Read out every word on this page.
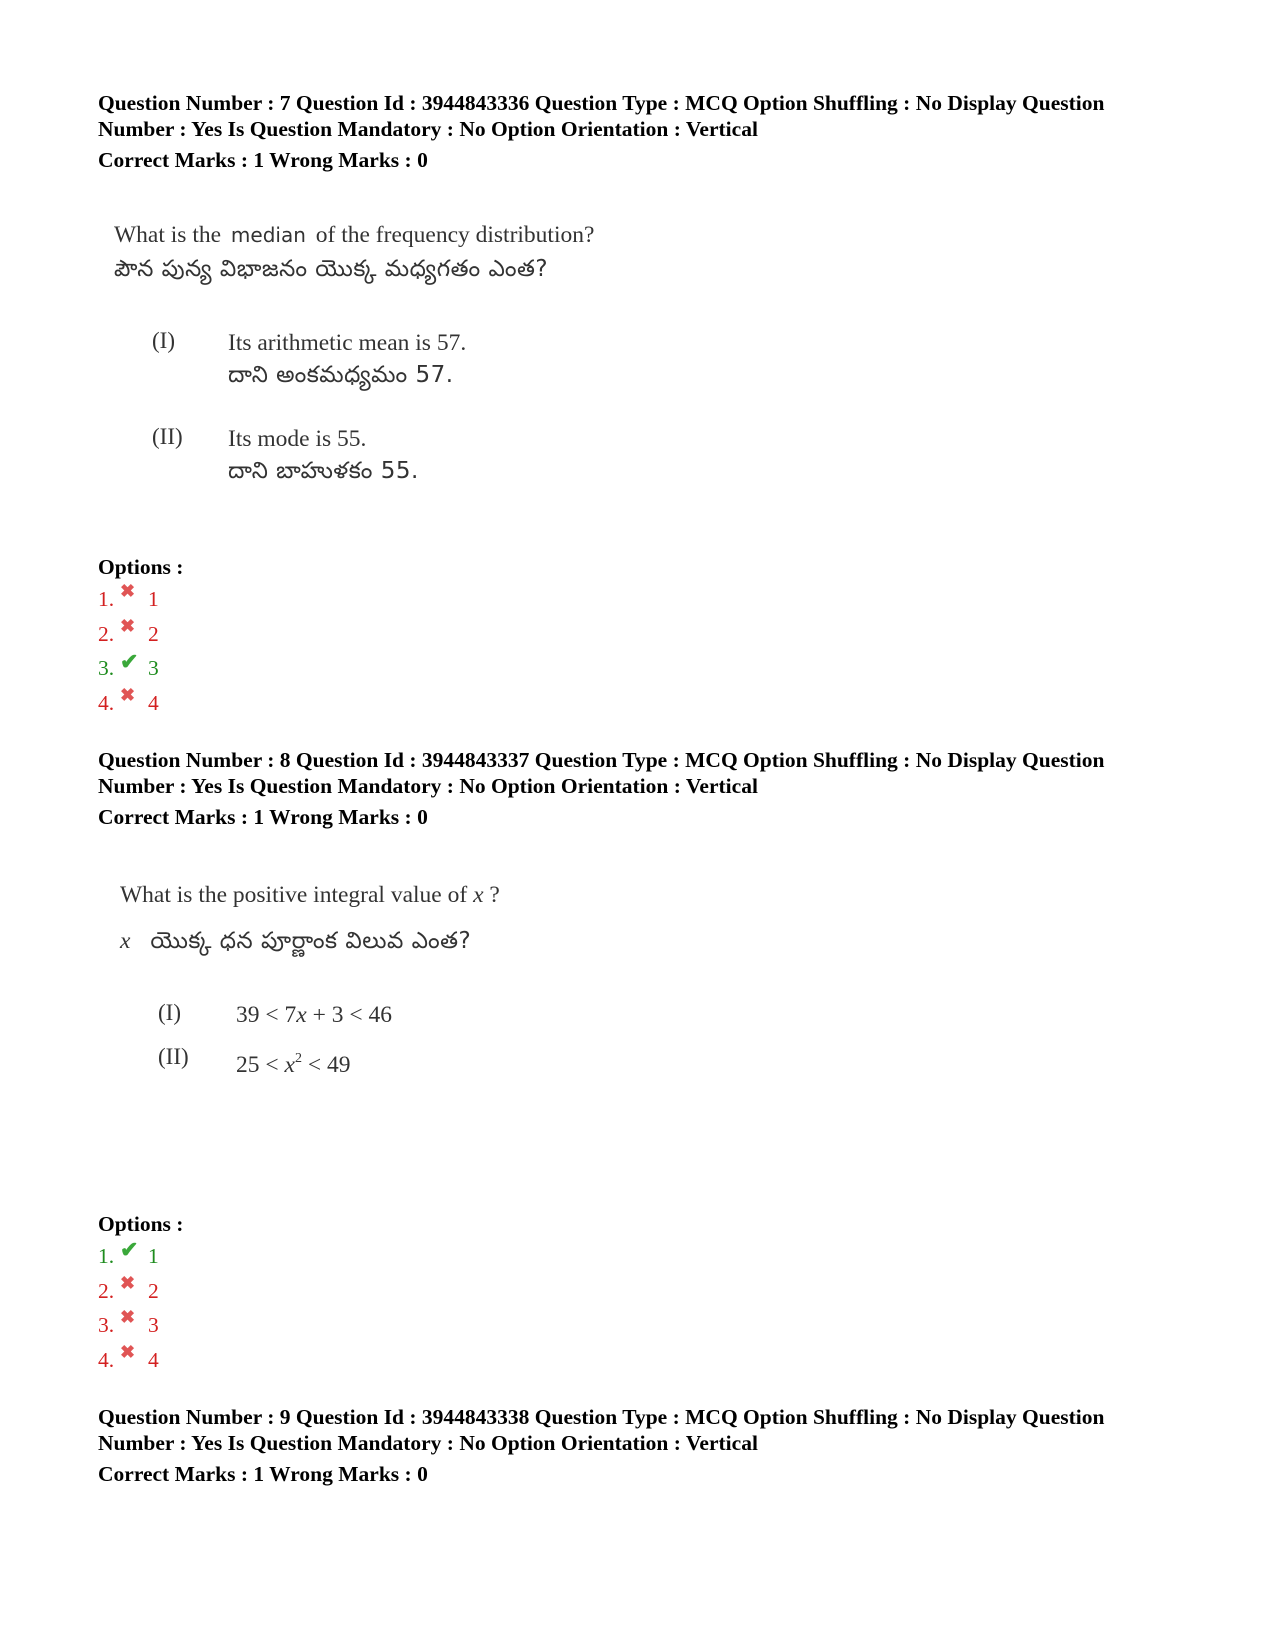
Question Number : 7 Question Id : 3944843336 Question Type : MCQ Option Shuffling : No Display Question
Number : Yes Is Question Mandatory : No Option Orientation : Vertical
Correct Marks : 1 Wrong Marks : 0
What is the median of the frequency distribution?
పౌన పున్య విభాజనం యొక్క మధ్యగతం ఎంత?
(I) Its arithmetic mean is 57.
దాని అంకమధ్యమం 57.
(II) Its mode is 55.
దాని బాహుళకం 55.
Options :
1. ✖ 1
2. ✖ 2
3. ✔ 3
4. ✖ 4
Question Number : 8 Question Id : 3944843337 Question Type : MCQ Option Shuffling : No Display Question
Number : Yes Is Question Mandatory : No Option Orientation : Vertical
Correct Marks : 1 Wrong Marks : 0
What is the positive integral value of x ?
x యొక్క ధన పూర్ణాంక విలువ ఎంత?
(I) 39 < 7x + 3 < 46
(II) $25 < x^2 < 49$
Options :
1. ✔ 1
2. ✖ 2
3. ✖ 3
4. ✖ 4
Question Number : 9 Question Id : 3944843338 Question Type : MCQ Option Shuffling : No Display Question
Number : Yes Is Question Mandatory : No Option Orientation : Vertical
Correct Marks : 1 Wrong Marks : 0
